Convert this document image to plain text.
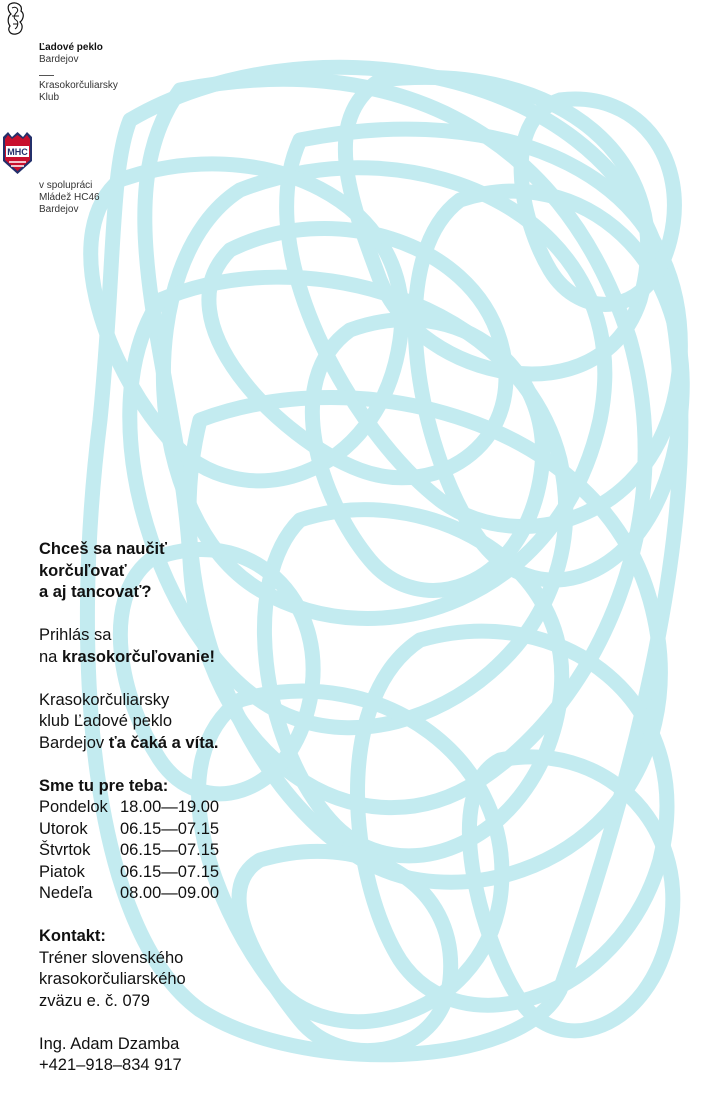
Ľadové peklo
Bardejov
Krasokorčuliarsky
Klub
MHC
v spolupráci
Mládež HC46
Bardejov
Chceš sa naučiť
korčuľovať
a aj tancovať?
Prihlás sa
na krasokorčuľovanie!
Krasokorčuliarsky
klub Ľadové peklo
Bardejov ťa čaká a víta.
Sme tu pre teba:
Pondelok 18.00—19.00
Utorok	06.15—07.15
Štvrtok	06.15—07.15
Piatok	06.15—07.15
Nedeľa	08.00—09.00
Kontakt:
Tréner slovenského
krasokorčuliarského
zväzu e. č. 079
Ing. Adam Dzamba
+421–918–834 917
